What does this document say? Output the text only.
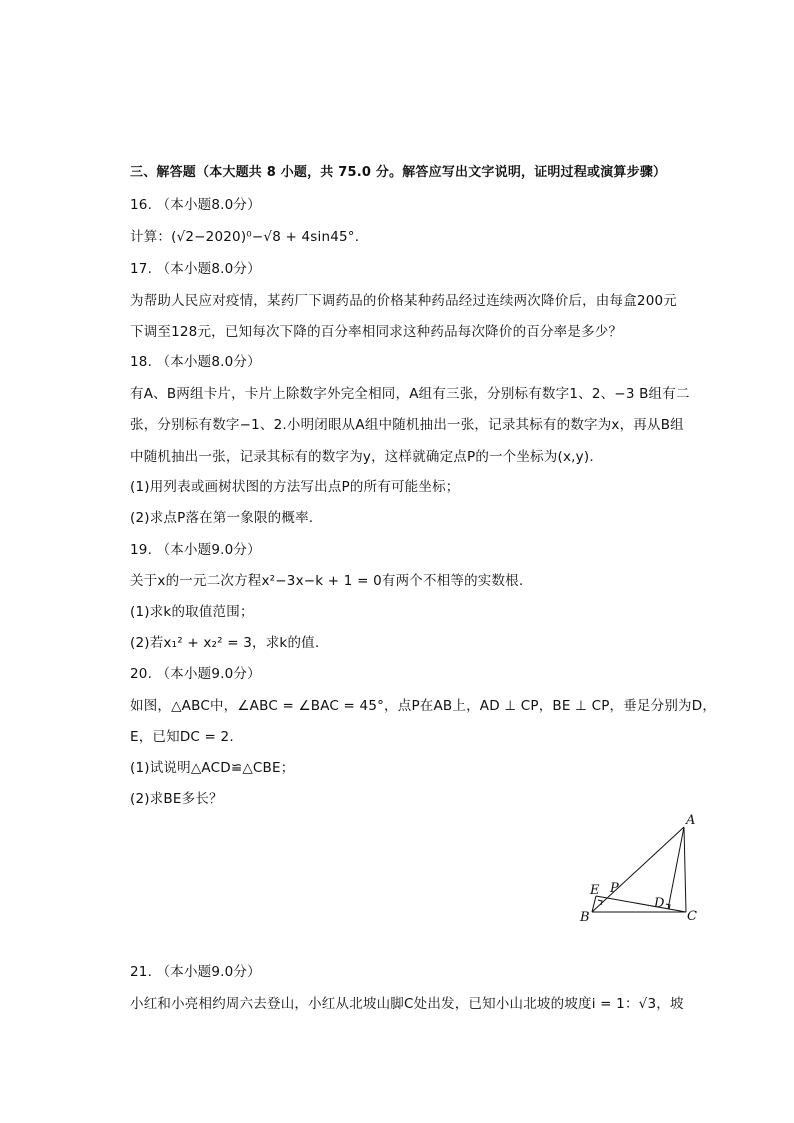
三、解答题（本大题共 8 小题，共 75.0 分。解答应写出文字说明，证明过程或演算步骤）
16. （本小题8.0分）
计算：(√2−2020)⁰−√8 + 4sin45°.
17. （本小题8.0分）
为帮助人民应对疫情，某药厂下调药品的价格某种药品经过连续两次降价后，由每盒200元
下调至128元，已知每次下降的百分率相同求这种药品每次降价的百分率是多少？
18. （本小题8.0分）
有A、B两组卡片，卡片上除数字外完全相同，A组有三张，分别标有数字1、2、−3 B组有二
张，分别标有数字−1、2.小明闭眼从A组中随机抽出一张，记录其标有的数字为x，再从B组
中随机抽出一张，记录其标有的数字为y，这样就确定点P的一个坐标为(x,y).
(1)用列表或画树状图的方法写出点P的所有可能坐标；
(2)求点P落在第一象限的概率.
19. （本小题9.0分）
关于x的一元二次方程x²−3x−k + 1 = 0有两个不相等的实数根.
(1)求k的取值范围；
(2)若x₁² + x₂² = 3，求k的值.
20. （本小题9.0分）
如图，△ABC中，∠ABC = ∠BAC = 45°，点P在AB上，AD ⊥ CP，BE ⊥ CP，垂足分别为D，
E，已知DC = 2.
(1)试说明△ACD≌△CBE；
(2)求BE多长？
A
B	C
D
E P
21. （本小题9.0分）
小红和小亮相约周六去登山，小红从北坡山脚C处出发，已知小山北坡的坡度i = 1：√3，坡
